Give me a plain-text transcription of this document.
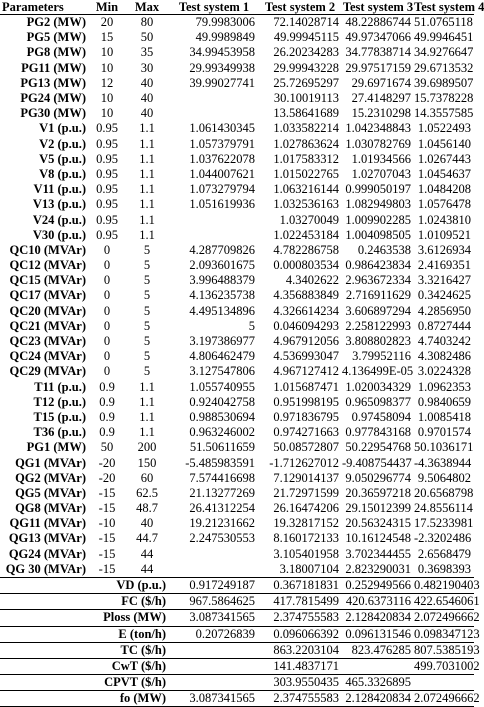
Parameters	Min	Max	Test system 1	Test system 2	Test system 3	Test system 4
PG2 (MW)	20	80	79.9983006	72.14028714	48.22886744	51.0765118
PG5 (MW)	15	50	49.9989849	49.99945115	49.97347066	49.9946451
PG8 (MW)	10	35	34.99453958	26.20234283	34.77838714	34.9276647
PG11 (MW)	10	30	29.99349938	29.99943228	29.97517159	29.6713532
PG13 (MW)	12	40	39.99027741	25.72695297	29.6971674	39.6989507
PG24 (MW)	10	40		30.10019113	27.4148297	15.7378228
PG30 (MW)	10	40		13.58641689	15.2310298	14.3557585
V1 (p.u.)	0.95	1.1	1.061430345	1.033582214	1.042348843	1.0522493
V2 (p.u.)	0.95	1.1	1.057379791	1.027863624	1.030782769	1.0456140
V5 (p.u.)	0.95	1.1	1.037622078	1.017583312	1.01934566	1.0267443
V8 (p.u.)	0.95	1.1	1.044007621	1.015022765	1.02707043	1.0454637
V11 (p.u.)	0.95	1.1	1.073279794	1.063216144	0.999050197	1.0484208
V13 (p.u.)	0.95	1.1	1.051619936	1.032536163	1.082949803	1.0576478
V24 (p.u.)	0.95	1.1		1.03270049	1.009902285	1.0243810
V30 (p.u.)	0.95	1.1		1.022453184	1.004098505	1.0109521
QC10 (MVAr)	0	5	4.287709826	4.782286758	0.2463538	3.6126934
QC12 (MVAr)	0	5	2.093601675	0.000803534	0.986423834	2.4169351
QC15 (MVAr)	0	5	3.996488379	4.3402622	2.963672334	3.3216427
QC17 (MVAr)	0	5	4.136235738	4.356883849	2.716911629	0.3424625
QC20 (MVAr)	0	5	4.495134896	4.326614234	3.606897294	4.2856950
QC21 (MVAr)	0	5	5	0.046094293	2.258122993	0.8727444
QC23 (MVAr)	0	5	3.197386977	4.967912056	3.808802823	4.7403242
QC24 (MVAr)	0	5	4.806462479	4.536993047	3.79952116	4.3082486
QC29 (MVAr)	0	5	3.127547806	4.967127412	4.136499E-05	3.0224328
T11 (p.u.)	0.9	1.1	1.055740955	1.015687471	1.020034329	1.0962353
T12 (p.u.)	0.9	1.1	0.924042758	0.951998195	0.965098377	0.9840659
T15 (p.u.)	0.9	1.1	0.988530694	0.971836795	0.97458094	1.0085418
T36 (p.u.)	0.9	1.1	0.963246002	0.974271663	0.977843168	0.9701574
PG1 (MW)	50	200	51.50611659	50.08572807	50.22954768	50.1036171
QG1 (MVAr)	-20	150	-5.485983591	-1.712627012	-9.408754437	-4.3638944
QG2 (MVAr)	-20	60	7.574416698	7.129014137	9.050296774	9.5064802
QG5 (MVAr)	-15	62.5	21.13277269	21.72971599	20.36597218	20.6568798
QG8 (MVAr)	-15	48.7	26.41312254	26.16474206	29.15012399	24.8556114
QG11 (MVAr)	-10	40	19.21231662	19.32817152	20.56324315	17.5233981
QG13 (MVAr)	-15	44.7	2.247530553	8.160172133	10.16124548	-2.3202486
QG24 (MVAr)	-15	44		3.105401958	3.702344455	2.6568479
QG 30 (MVAr)	-15	44		3.18007104	2.823290031	0.3698393
VD (p.u.)			0.917249187	0.367181831	0.252949566	0.482190403
FC ($/h)			967.5864625	417.7815499	420.6373116	422.6546061
Ploss (MW)			3.087341565	2.374755583	2.128420834	2.072496662
E (ton/h)			0.20726839	0.096066392	0.096131546	0.098347123
TC ($/h)				863.2203104	823.476285	807.5385193
CwT ($/h)				141.4837171		499.7031002
CPVT ($/h)				303.9550435	465.3326895	
fo (MW)			3.087341565	2.374755583	2.128420834	2.072496662
